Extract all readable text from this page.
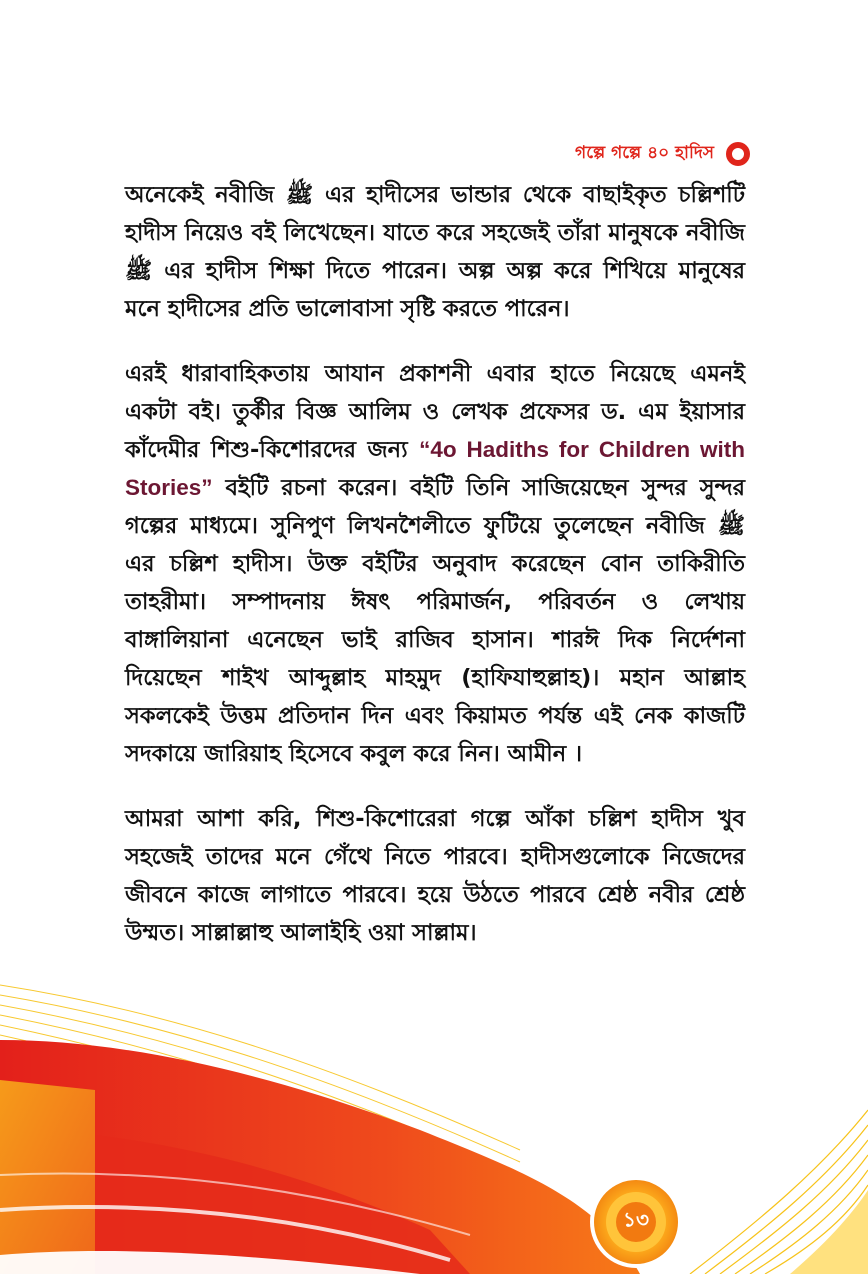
গল্পে গল্পে ৪০ হাদিস

অনেকেই নবীজি ﷺ এর হাদীসের ভান্ডার থেকে বাছাইকৃত চল্লিশটি হাদীস নিয়েও বই লিখেছেন। যাতে করে সহজেই তাঁরা মানুষকে নবীজি ﷺ এর হাদীস শিক্ষা দিতে পারেন। অল্প অল্প করে শিখিয়ে মানুষের মনে হাদীসের প্রতি ভালোবাসা সৃষ্টি করতে পারেন।

এরই ধারাবাহিকতায় আযান প্রকাশনী এবার হাতে নিয়েছে এমনই একটা বই। তুর্কীর বিজ্ঞ আলিম ও লেখক প্রফেসর ড. এম ইয়াসার কাঁদেমীর শিশু-কিশোরদের জন্য “4o Hadiths for Children with Stories” বইটি রচনা করেন। বইটি তিনি সাজিয়েছেন সুন্দর সুন্দর গল্পের মাধ্যমে। সুনিপুণ লিখনশৈলীতে ফুটিয়ে তুলেছেন নবীজি ﷺ এর চল্লিশ হাদীস। উক্ত বইটির অনুবাদ করেছেন বোন তাকিরীতি তাহরীমা। সম্পাদনায় ঈষৎ পরিমার্জন, পরিবর্তন ও লেখায় বাঙ্গালিয়ানা এনেছেন ভাই রাজিব হাসান। শারঈ দিক নির্দেশনা দিয়েছেন শাইখ আব্দুল্লাহ মাহমুদ (হাফিযাহুল্লাহ)। মহান আল্লাহ সকলকেই উত্তম প্রতিদান দিন এবং কিয়ামত পর্যন্ত এই নেক কাজটি সদকায়ে জারিয়াহ হিসেবে কবুল করে নিন। আমীন ।

আমরা আশা করি, শিশু-কিশোরেরা গল্পে আঁকা চল্লিশ হাদীস খুব সহজেই তাদের মনে গেঁথে নিতে পারবে। হাদীসগুলোকে নিজেদের জীবনে কাজে লাগাতে পারবে। হয়ে উঠতে পারবে শ্রেষ্ঠ নবীর শ্রেষ্ঠ উম্মত। সাল্লাল্লাহু আলাইহি ওয়া সাল্লাম।

১৩
